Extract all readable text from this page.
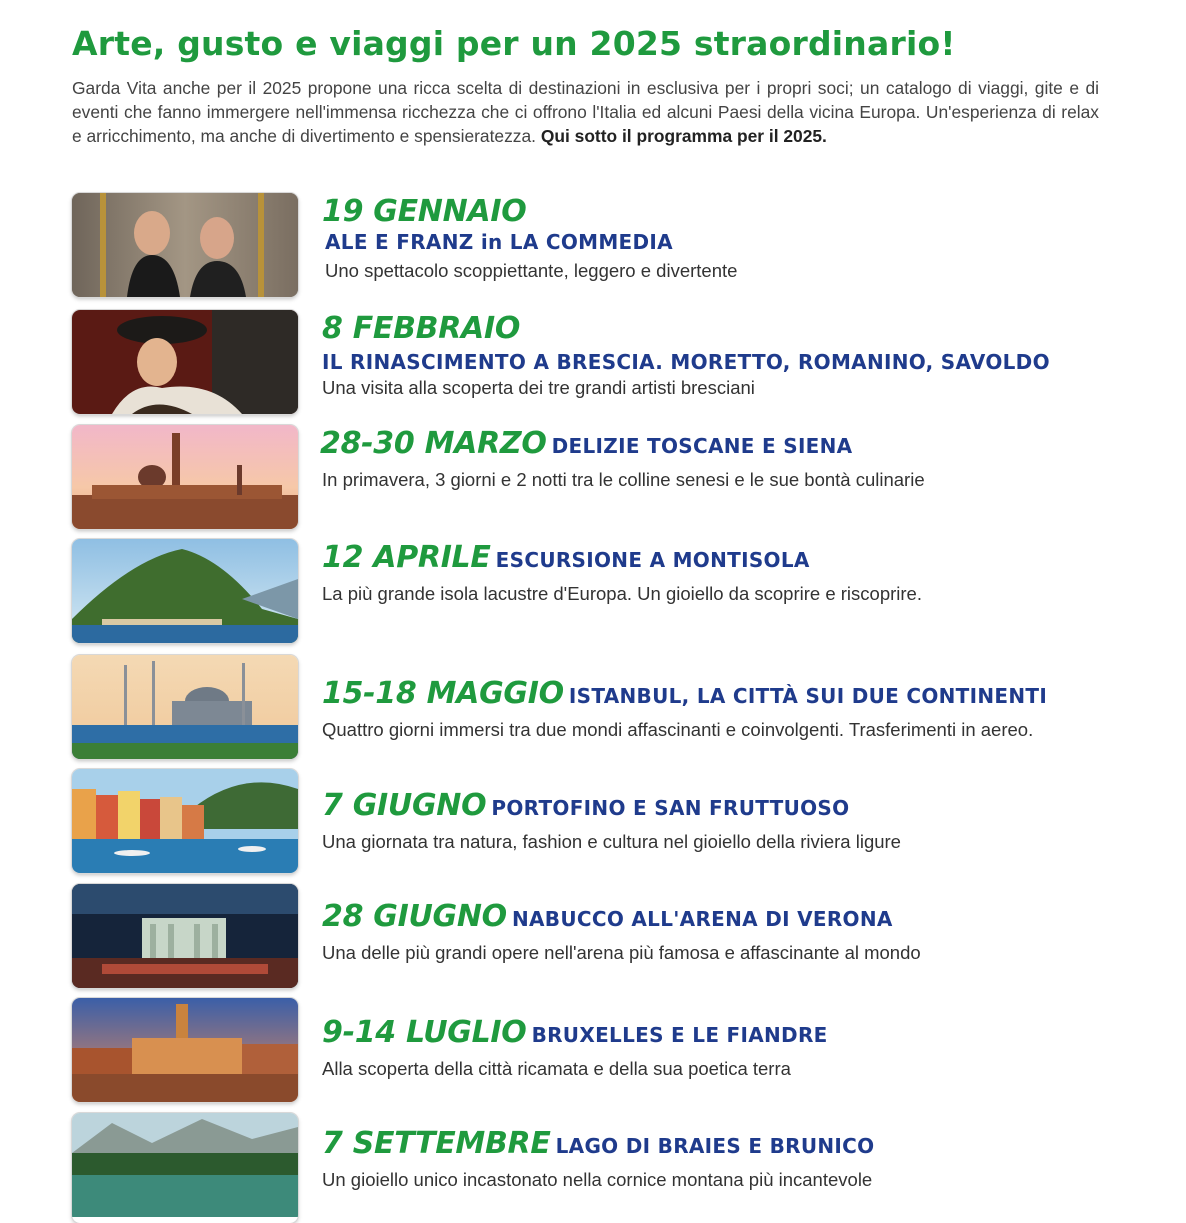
Arte, gusto e viaggi per un 2025 straordinario!

Garda Vita anche per il 2025 propone una ricca scelta di destinazioni in esclusiva per i propri soci; un catalogo di viaggi, gite e di eventi che fanno immergere nell'immensa ricchezza che ci offrono l'Italia ed alcuni Paesi della vicina Europa. Un'esperienza di relax e arricchimento, ma anche di divertimento e spensieratezza. Qui sotto il programma per il 2025.

19 GENNAIO
ALE E FRANZ in LA COMMEDIA
Uno spettacolo scoppiettante, leggero e divertente
8 FEBBRAIO
IL RINASCIMENTO A BRESCIA. MORETTO, ROMANINO, SAVOLDO
Una visita alla scoperta dei tre grandi artisti bresciani
28-30 MARZO DELIZIE TOSCANE E SIENA
In primavera, 3 giorni e 2 notti tra le colline senesi e le sue bontà culinarie
12 APRILE ESCURSIONE A MONTISOLA
La più grande isola lacustre d'Europa. Un gioiello da scoprire e riscoprire.
15-18 MAGGIO ISTANBUL, LA CITTÀ SUI DUE CONTINENTI
Quattro giorni immersi tra due mondi affascinanti e coinvolgenti. Trasferimenti in aereo.
7 GIUGNO PORTOFINO E SAN FRUTTUOSO
Una giornata tra natura, fashion e cultura nel gioiello della riviera ligure
28 GIUGNO NABUCCO ALL'ARENA DI VERONA
Una delle più grandi opere nell'arena più famosa e affascinante al mondo
9-14 LUGLIO BRUXELLES E LE FIANDRE
Alla scoperta della città ricamata e della sua poetica terra
7 SETTEMBRE LAGO DI BRAIES E BRUNICO
Un gioiello unico incastonato nella cornice montana più incantevole
